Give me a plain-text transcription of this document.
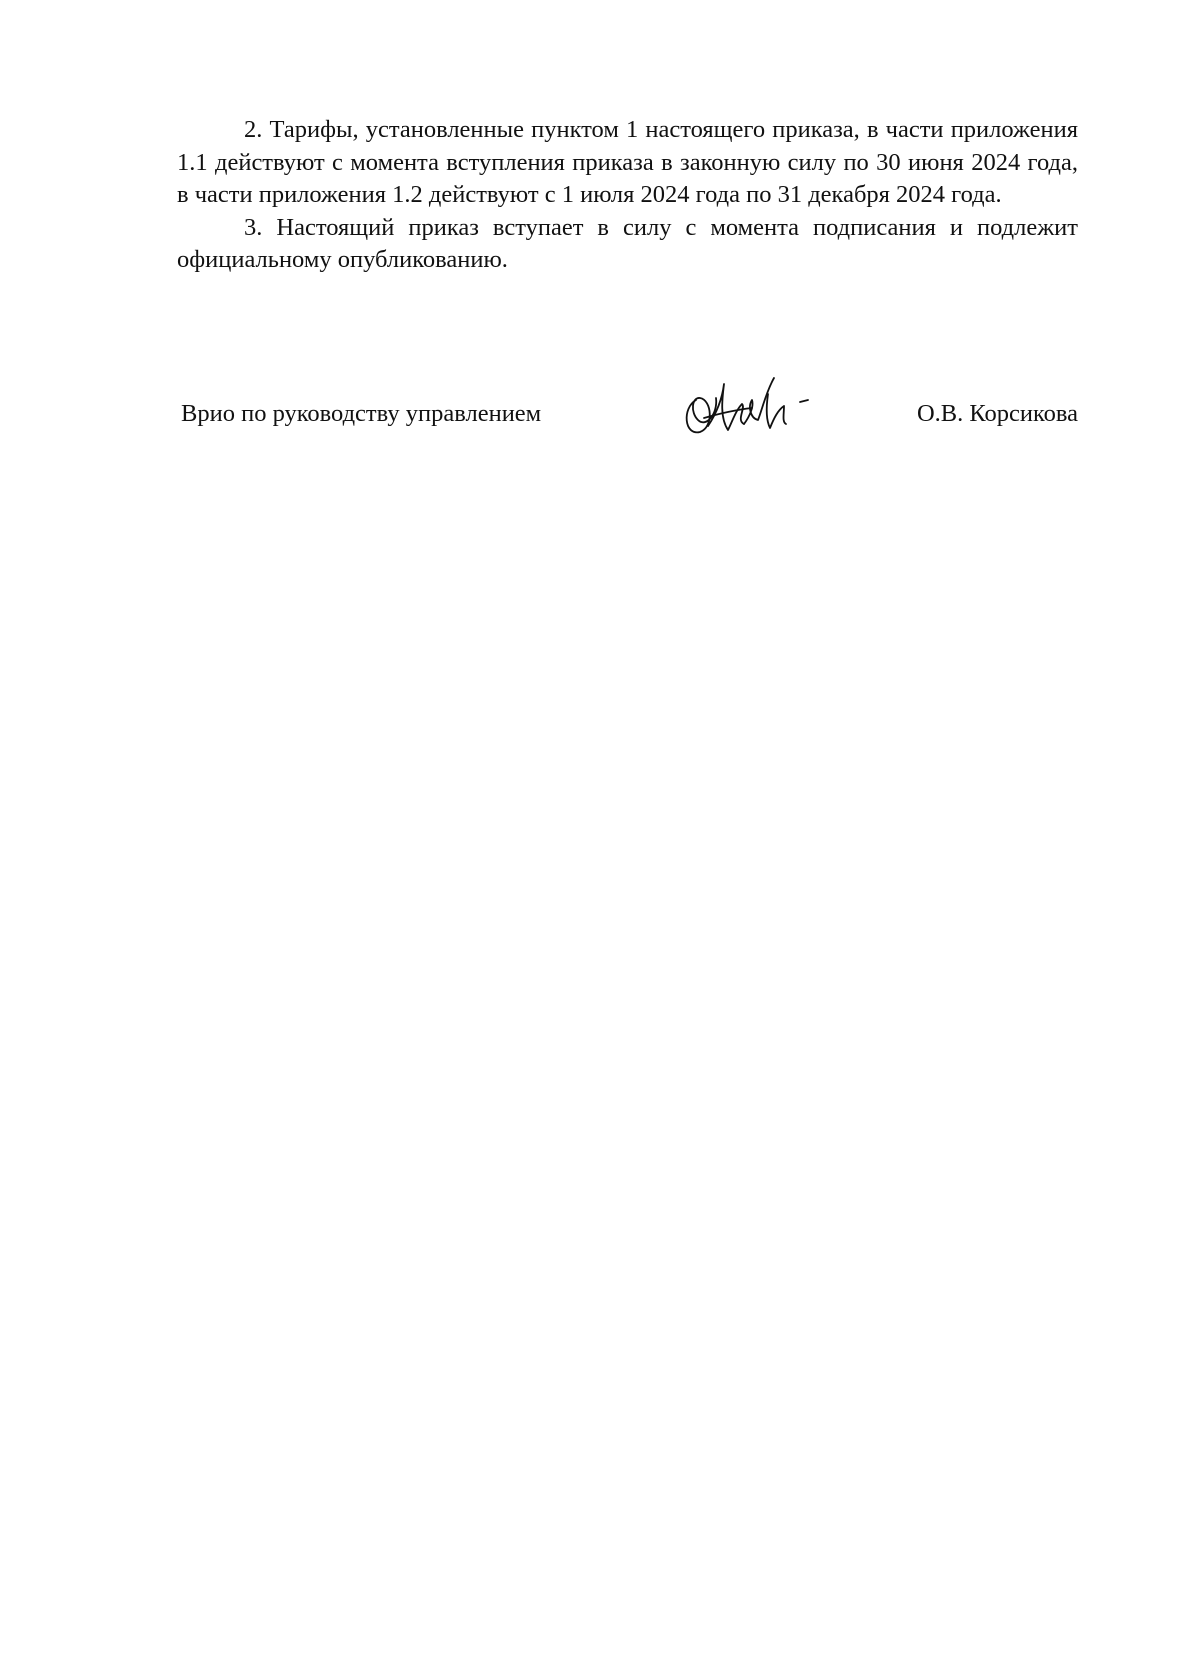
2. Тарифы, установленные пунктом 1 настоящего приказа, в части приложения 1.1 действуют с момента вступления приказа в законную силу по 30 июня 2024 года, в части приложения 1.2 действуют с 1 июля 2024 года по 31 декабря 2024 года.

3. Настоящий приказ вступает в силу с момента подписания и подлежит официальному опубликованию.

Врио по руководству управлением	О.В. Корсикова
